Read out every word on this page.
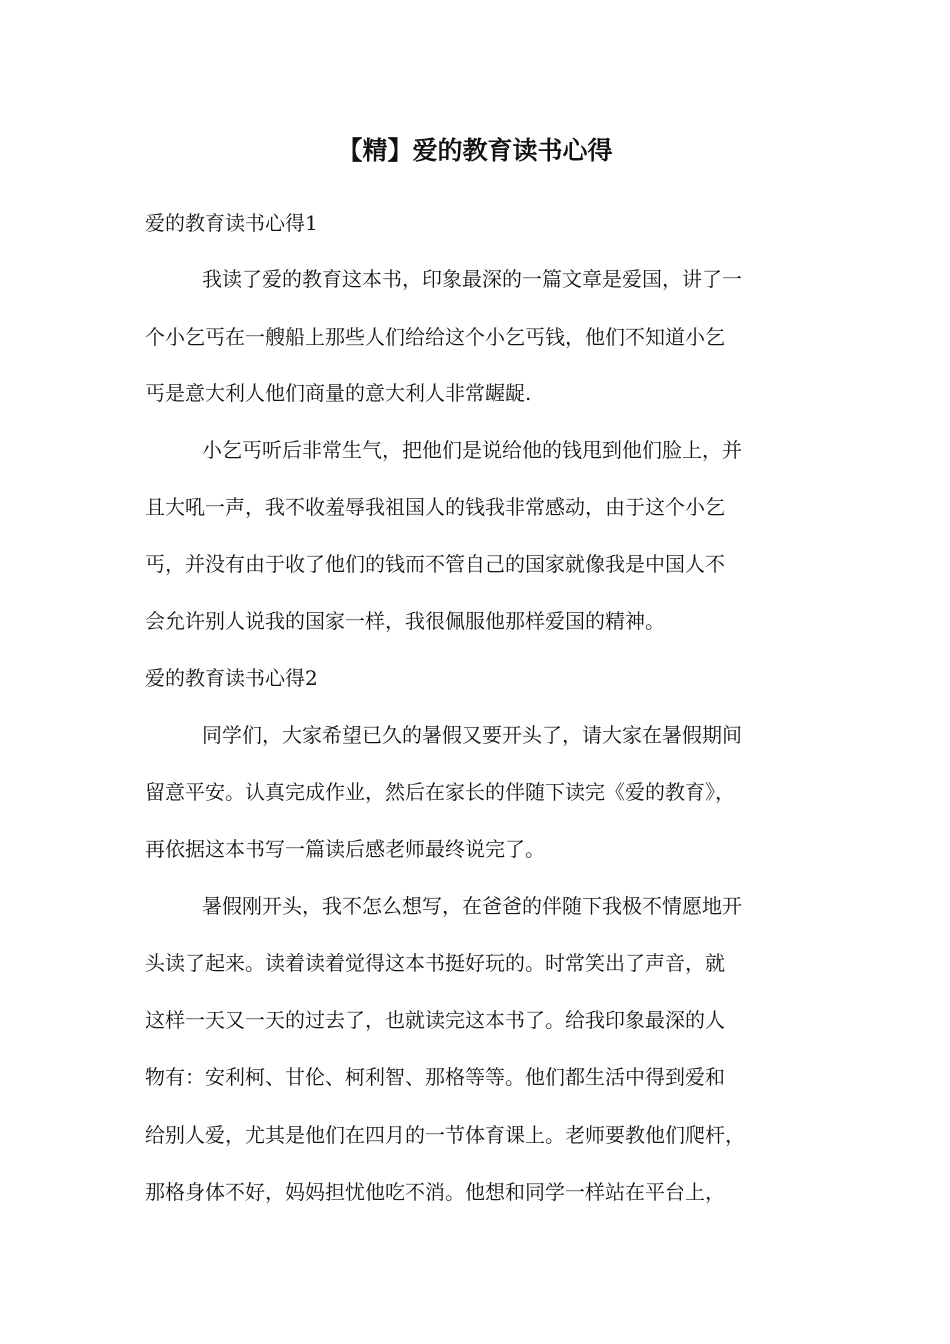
【精】爱的教育读书心得
爱的教育读书心得1

我读了爱的教育这本书，印象最深的一篇文章是爱国，讲了一

个小乞丐在一艘船上那些人们给给这个小乞丐钱，他们不知道小乞

丐是意大利人他们商量的意大利人非常龌龊.

小乞丐听后非常生气，把他们是说给他的钱甩到他们脸上，并

且大吼一声，我不收羞辱我祖国人的钱我非常感动，由于这个小乞

丐，并没有由于收了他们的钱而不管自己的国家就像我是中国人不

会允许别人说我的国家一样，我很佩服他那样爱国的精神。

爱的教育读书心得2

同学们，大家希望已久的暑假又要开头了，请大家在暑假期间

留意平安。认真完成作业，然后在家长的伴随下读完《爱的教育》，

再依据这本书写一篇读后感老师最终说完了。

暑假刚开头，我不怎么想写，在爸爸的伴随下我极不情愿地开

头读了起来。读着读着觉得这本书挺好玩的。时常笑出了声音，就

这样一天又一天的过去了，也就读完这本书了。给我印象最深的人

物有：安利柯、甘伦、柯利智、那格等等。他们都生活中得到爱和

给别人爱，尤其是他们在四月的一节体育课上。老师要教他们爬杆，

那格身体不好，妈妈担忧他吃不消。他想和同学一样站在平台上，
